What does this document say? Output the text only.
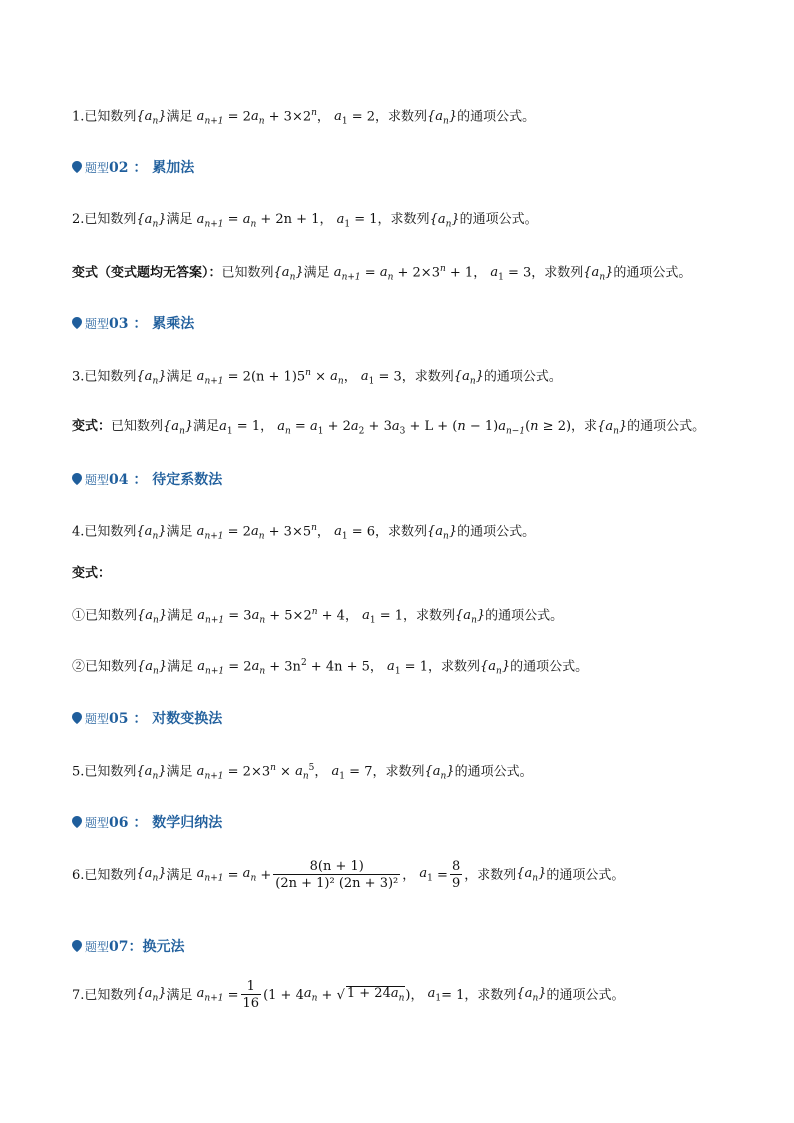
1.已知数列$\{a_n\}$满足 $a_{n+1} = 2a_n + 3\times 2^n$， $a_1 = 2$，求数列$\{a_n\}$的通项公式。
题型02 ： 累加法
2.已知数列$\{a_n\}$满足 $a_{n+1} = a_n + 2n + 1$， $a_1 = 1$，求数列$\{a_n\}$的通项公式。
变式（变式题均无答案）：已知数列$\{a_n\}$满足 $a_{n+1} = a_n + 2\times 3^n + 1$， $a_1 = 3$，求数列$\{a_n\}$的通项公式。
题型03 ： 累乘法
3.已知数列$\{a_n\}$满足 $a_{n+1} = 2(n + 1)5^n \times a_n$， $a_1 = 3$，求数列$\{a_n\}$的通项公式。
变式：已知数列$\{a_n\}$满足$a_1 = 1$， $a_n = a_1 + 2a_2 + 3a_3 + L + (n - 1)a_{n-1}(n \ge 2)$，求$\{a_n\}$的通项公式。
题型04 ： 待定系数法
4.已知数列$\{a_n\}$满足 $a_{n+1} = 2a_n + 3\times 5^n$， $a_1 = 6$，求数列$\{a_n\}$的通项公式。
变式：
①已知数列$\{a_n\}$满足 $a_{n+1} = 3a_n + 5\times 2^n + 4$， $a_1 = 1$，求数列$\{a_n\}$的通项公式。
②已知数列$\{a_n\}$满足 $a_{n+1} = 2a_n + 3n^2 + 4n + 5$， $a_1 = 1$，求数列$\{a_n\}$的通项公式。
题型05 ： 对数变换法
5.已知数列$\{a_n\}$满足 $a_{n+1} = 2\times 3^n \times a_n^5$， $a_1 = 7$，求数列$\{a_n\}$的通项公式。
题型06 ： 数学归纳法
6.已知数列 $\{a_n\}$ 满足 $a_{n+1} = a_n + \frac{8(n + 1)}{\text{(2n + 1)² (2n + 3)²}}$ ， $a_1 = \frac{8}{9}$ ，求数列 $\{a_n\}$ 的通项公式。
题型07：换元法
7.已知数列 $\{a_n\}$ 满足 $a_{n+1} = \frac{1}{16} (1 + 4$ $a_n$ + √ $1 + 24a_n$ )， $a_1 = 1$，求数列 $\{a_n\}$ 的通项公式。
